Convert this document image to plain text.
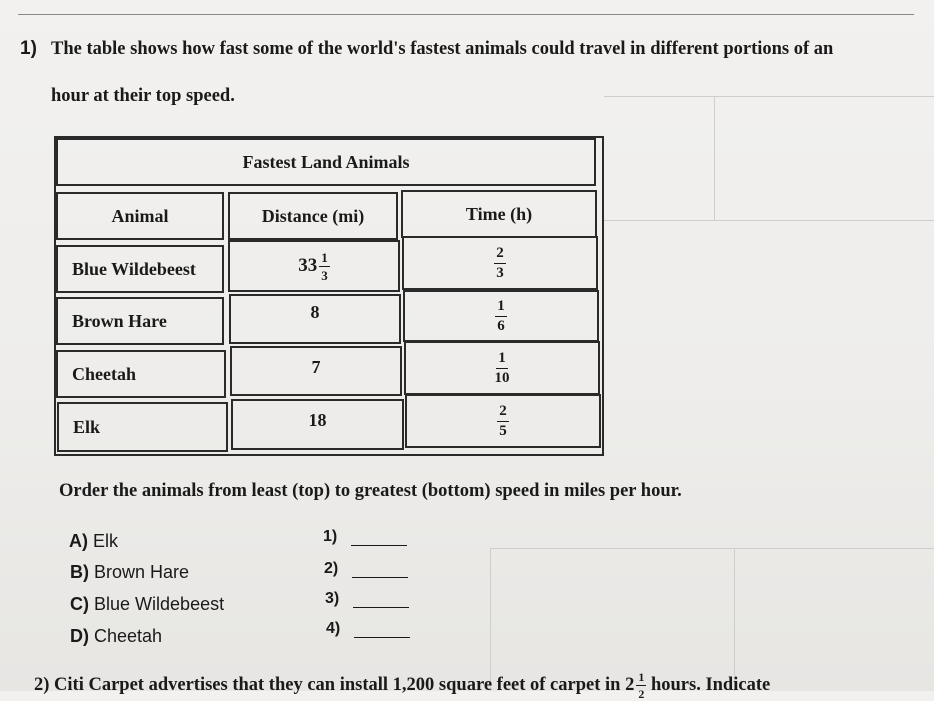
1) The table shows how fast some of the world's fastest animals could travel in different portions of an
hour at their top speed.
Fastest Land Animals
Animal	Distance (mi)	Time (h)
Blue Wildebeest	$33 \frac{1}{3}$	$\frac{2}{3}$
Brown Hare	8	$\frac{1}{6}$
Cheetah	7	$\frac{1}{10}$
Elk	18	$\frac{2}{5}$
Order the animals from least (top) to greatest (bottom) speed in miles per hour.
A) Elk
B) Brown Hare
C) Blue Wildebeest
D) Cheetah
1)
2)
3)
4)
2) Citi Carpet advertises that they can install 1,200 square feet of carpet in $2 \frac{1}{2}$ hours. Indicate
